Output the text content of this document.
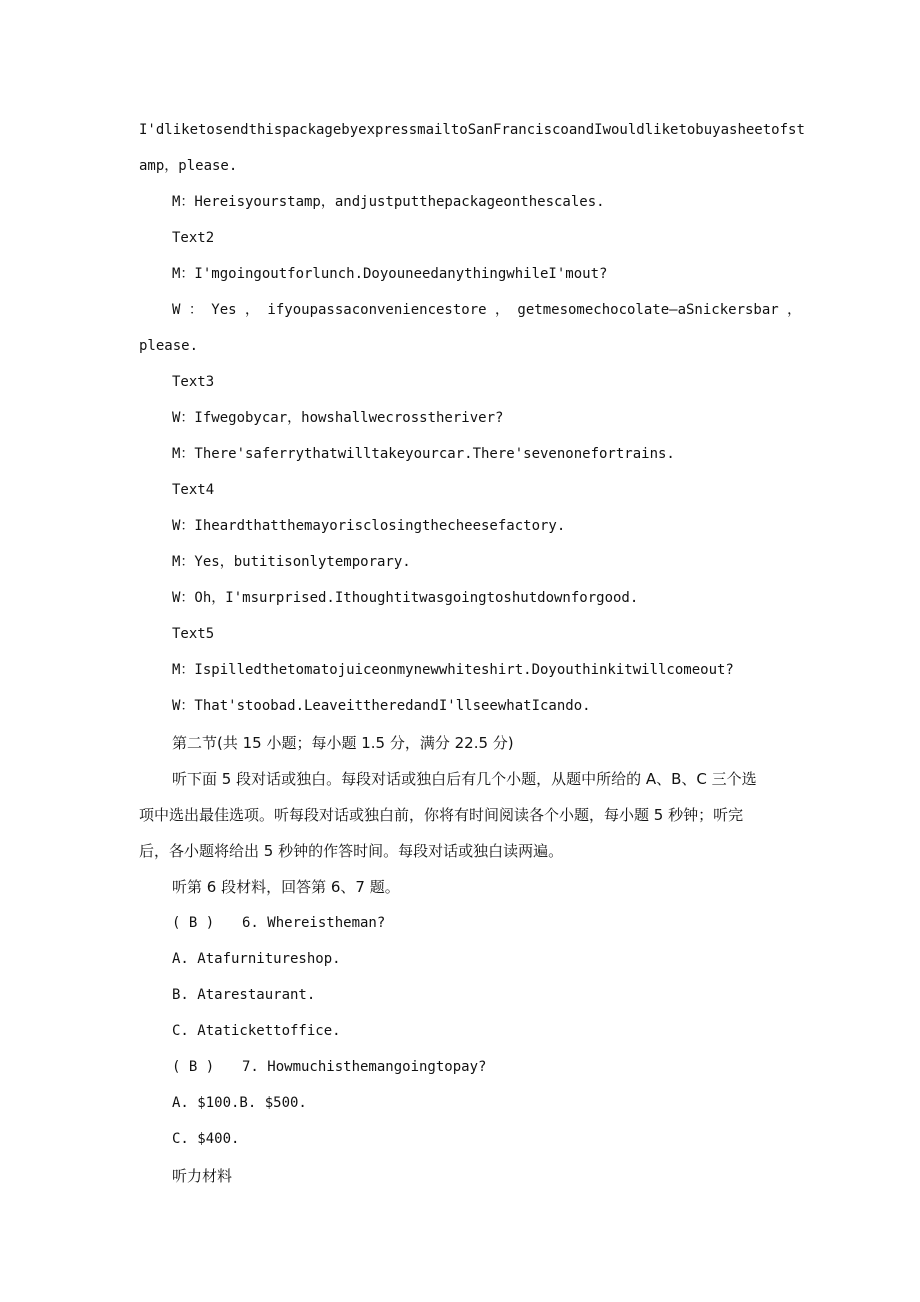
I'dliketosendthispackagebyexpressmailtoSanFranciscoandIwouldliketobuyasheetofst
amp，please.
M：Hereisyourstamp，andjustputthepackageonthescales.
Text2
M：I'mgoingoutforlunch.DoyouneedanythingwhileI'mout?
W ： Yes ， ifyoupassaconveniencestore ， getmesomechocolate—aSnickersbar ，
please.
Text3
W：Ifwegobycar，howshallwecrosstheriver?
M：There'saferrythatwilltakeyourcar.There'sevenonefortrains.
Text4
W：Iheardthatthemayorisclosingthecheesefactory.
M：Yes，butitisonlytemporary.
W：Oh，I'msurprised.Ithoughtitwasgoingtoshutdownforgood.
Text5
M：Ispilledthetomatojuiceonmynewwhiteshirt.Doyouthinkitwillcomeout?
W：That'stoobad.LeaveittheredandI'llseewhatIcando.
第二节(共 15 小题；每小题 1.5 分，满分 22.5 分)
听下面 5 段对话或独白。每段对话或独白后有几个小题，从题中所给的 A、B、C 三个选
项中选出最佳选项。听每段对话或独白前，你将有时间阅读各个小题，每小题 5 秒钟；听完
后，各小题将给出 5 秒钟的作答时间。每段对话或独白读两遍。
听第 6 段材料，回答第 6、7 题。
( B ) 6. Whereistheman?
A. Atafurnitureshop.
B. Atarestaurant.
C. Atatickettoffice.
( B ) 7. Howmuchisthemangoingtopay?
A. $100.B. $500.
C. $400.
听力材料
